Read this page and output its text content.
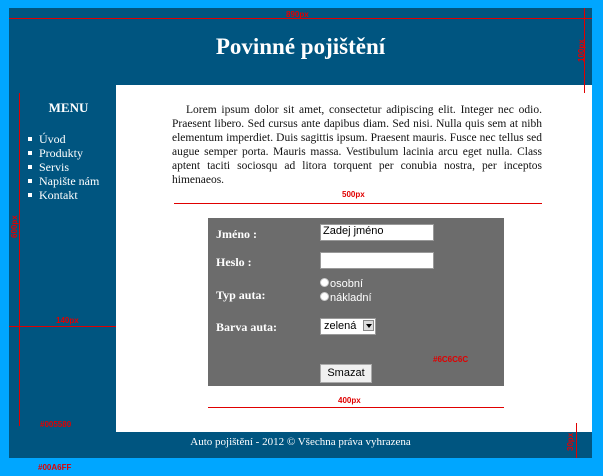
Povinné pojištění
MENU
Úvod
Produkty
Servis
Napište nám
Kontakt

Lorem ipsum dolor sit amet, consectetur adipiscing elit. Integer nec odio. Praesent libero. Sed cursus ante dapibus diam. Sed nisi. Nulla quis sem at nibh elementum imperdiet. Duis sagittis ipsum. Praesent mauris. Fusce nec tellus sed augue semper porta. Mauris massa. Vestibulum lacinia arcu eget nulla. Class aptent taciti sociosqu ad litora torquent per conubia nostra, per inceptos himenaeos.

Jméno :	Zadej jméno
Heslo :
Typ auta:
osobní
nákladní
Barva auta:	zelená
#6C6C6C
Smazat
500px
400px
Auto pojištění - 2012 © Všechna práva vyhrazena
890px
100px
600px
140px
#005580
#00A6FF
30px
